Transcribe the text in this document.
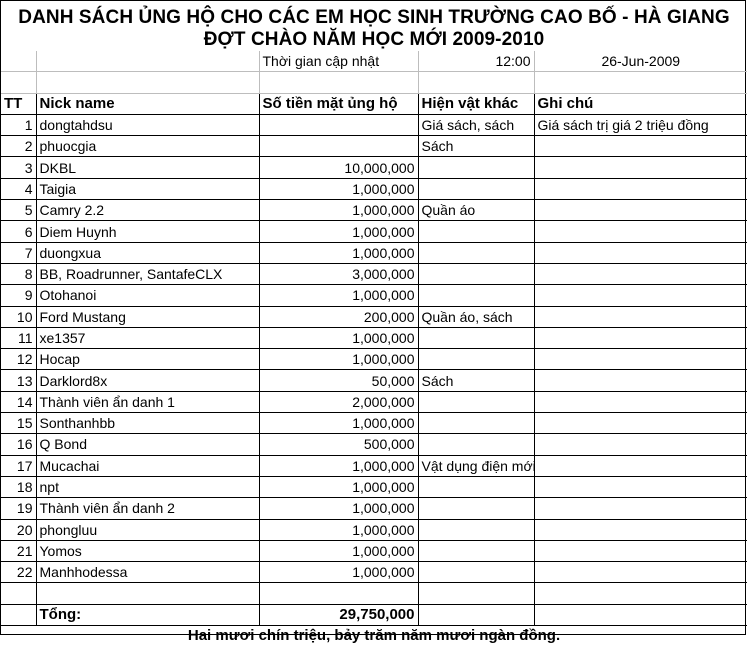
DANH SÁCH ỦNG HỘ CHO CÁC EM HỌC SINH TRƯỜNG CAO BỐ - HÀ GIANG				
ĐỢT CHÀO NĂM HỌC MỚI 2009-2010				
		Thời gian cập nhật	12:00	26-Jun-2009

TT	Nick name	Số tiền mặt ủng hộ	Hiện vật khác	Ghi chú
1	dongtahdsu		Giá sách, sách	Giá sách trị giá 2 triệu đồng
2	phuocgia		Sách	
3	DKBL	10,000,000		
4	Taigia	1,000,000		
5	Camry 2.2	1,000,000	Quần áo	
6	Diem Huynh	1,000,000		
7	duongxua	1,000,000		
8	BB, Roadrunner, SantafeCLX	3,000,000		
9	Otohanoi	1,000,000		
10	Ford Mustang	200,000	Quần áo, sách	
11	xe1357	1,000,000		
12	Hocap	1,000,000		
13	Darklord8x	50,000	Sách	
14	Thành viên ẩn danh 1	2,000,000		
15	Sonthanhbb	1,000,000		
16	Q Bond	500,000		
17	Mucachai	1,000,000	Vật dụng điện mới	
18	npt	1,000,000		
19	Thành viên ẩn danh 2	1,000,000		
20	phongluu	1,000,000		
21	Yomos	1,000,000		
22	Manhhodessa	1,000,000		

	Tổng:	29,750,000		
Hai mươi chín triệu, bảy trăm năm mươi ngàn đồng.				
